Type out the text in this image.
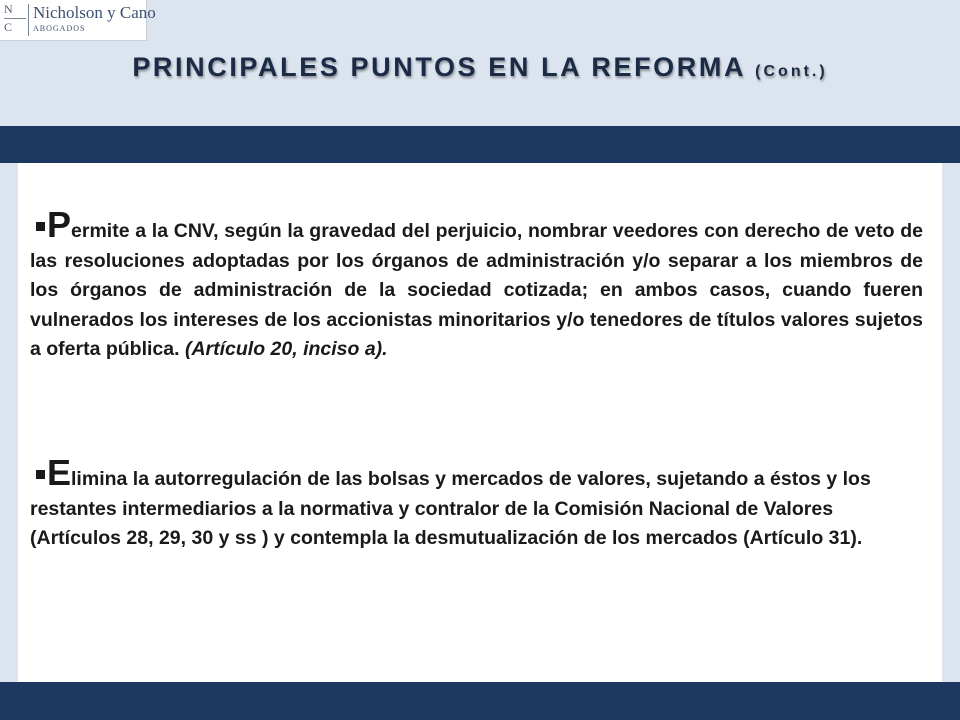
N
C
Nicholson y Cano
ABOGADOS
PRINCIPALES PUNTOS EN LA REFORMA (Cont.)
Permite a la CNV, según la gravedad del perjuicio, nombrar veedores con derecho de veto de las resoluciones adoptadas por los órganos de administración y/o separar a los miembros de los órganos de administración de la sociedad cotizada; en ambos casos, cuando fueren vulnerados los intereses de los accionistas minoritarios y/o tenedores de títulos valores sujetos a oferta pública. (Artículo 20, inciso a).
Elimina la autorregulación de las bolsas y mercados de valores, sujetando a éstos y los restantes intermediarios a la normativa y contralor de la Comisión Nacional de Valores (Artículos 28, 29, 30 y ss ) y contempla la desmutualización de los mercados (Artículo 31).
